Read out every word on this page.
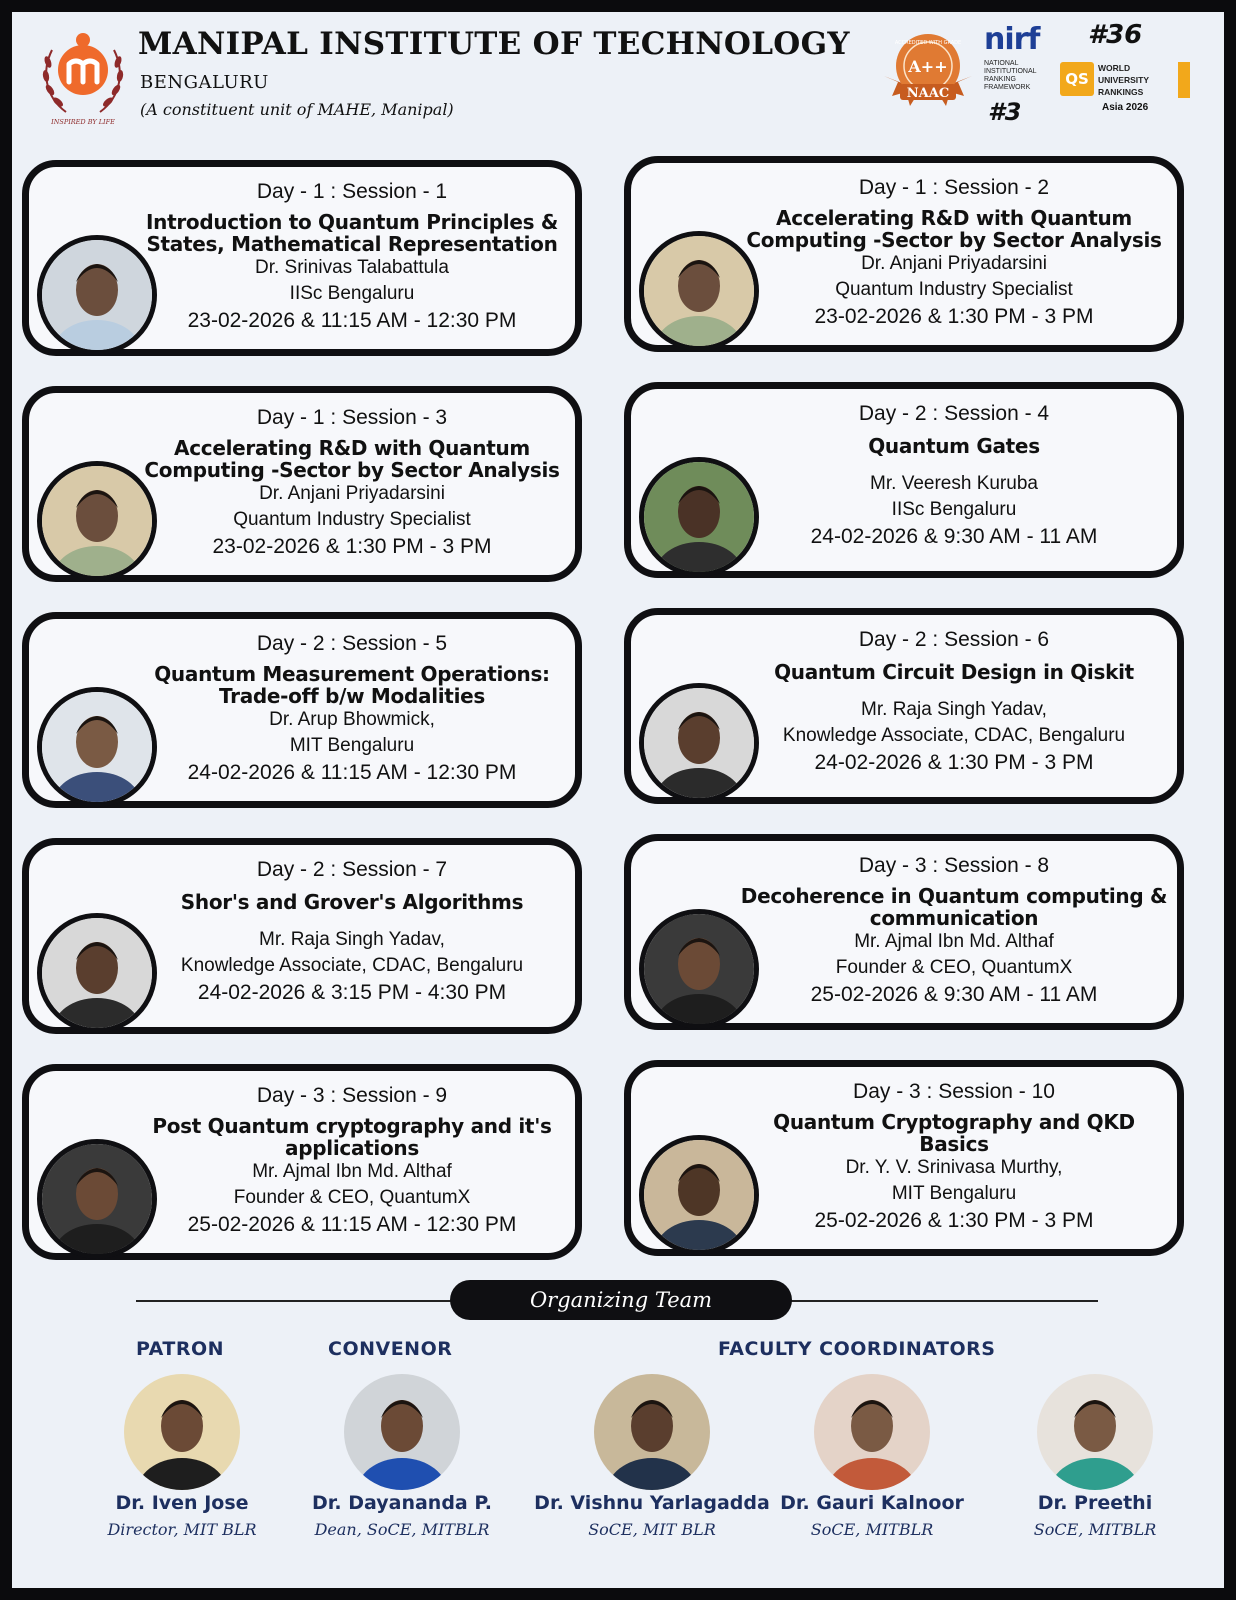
INSPIRED BY LIFE
MANIPAL INSTITUTE OF TECHNOLOGY
BENGALURU
(A constituent unit of MAHE, Manipal)
ACCREDITED WITH GRADE
A++
NAAC
nirf
NATIONAL
INSTITUTIONAL
RANKING
FRAMEWORK
#3
#36
QS
WORLD
UNIVERSITY
RANKINGS
Asia 2026
Day - 1 : Session - 1
Introduction to Quantum Principles & States, Mathematical Representation
Dr. Srinivas Talabattula
IISc Bengaluru
23-02-2026 & 11:15 AM - 12:30 PM
Day - 1 : Session - 2
Accelerating R&D with Quantum Computing -Sector by Sector Analysis
Dr. Anjani Priyadarsini
Quantum Industry Specialist
23-02-2026 & 1:30 PM - 3 PM
Day - 1 : Session - 3
Accelerating R&D with Quantum Computing -Sector by Sector Analysis
Dr. Anjani Priyadarsini
Quantum Industry Specialist
23-02-2026 & 1:30 PM - 3 PM
Day - 2 : Session - 4
Quantum Gates
Mr. Veeresh Kuruba
IISc Bengaluru
24-02-2026 & 9:30 AM - 11 AM
Day - 2 : Session - 5
Quantum Measurement Operations: Trade-off b/w Modalities
Dr. Arup Bhowmick,
MIT Bengaluru
24-02-2026 & 11:15 AM - 12:30 PM
Day - 2 : Session - 6
Quantum Circuit Design in Qiskit
Mr. Raja Singh Yadav,
Knowledge Associate, CDAC, Bengaluru
24-02-2026 & 1:30 PM - 3 PM
Day - 2 : Session - 7
Shor's and Grover's Algorithms
Mr. Raja Singh Yadav,
Knowledge Associate, CDAC, Bengaluru
24-02-2026 & 3:15 PM - 4:30 PM
Day - 3 : Session - 8
Decoherence in Quantum computing & communication
Mr. Ajmal Ibn Md. Althaf
Founder & CEO, QuantumX
25-02-2026 & 9:30 AM - 11 AM
Day - 3 : Session - 9
Post Quantum cryptography and it's applications
Mr. Ajmal Ibn Md. Althaf
Founder & CEO, QuantumX
25-02-2026 & 11:15 AM - 12:30 PM
Day - 3 : Session - 10
Quantum Cryptography and QKD Basics
Dr. Y. V. Srinivasa Murthy,
MIT Bengaluru
25-02-2026 & 1:30 PM - 3 PM
Organizing Team
PATRON	CONVENOR	FACULTY COORDINATORS
Dr. Iven Jose
Director, MIT BLR
Dr. Dayananda P.
Dean, SoCE, MITBLR
Dr. Vishnu Yarlagadda
SoCE, MIT BLR
Dr. Gauri Kalnoor
SoCE, MITBLR
Dr. Preethi
SoCE, MITBLR
